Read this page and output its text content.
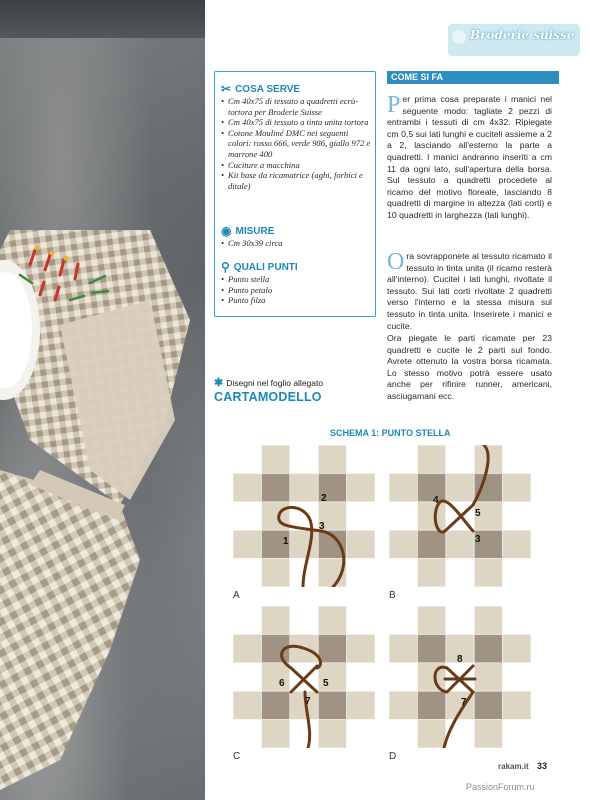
Broderie suisse
✂ COSA SERVE
• Cm 40x75 di tessuto a quadretti ecrù-tortora per Broderie Suisse
• Cm 40x75 di tessuto a tinta unita tortora
• Cotone Mouliné DMC nei seguenti colori: rosso 666, verde 986, giallo 972 e marrone 400
• Cuciture a macchina
• Kit base da ricamatrice (aghi, forbici e ditale)
◉ MISURE
• Cm 30x39 circa
⚲ QUALI PUNTI
• Punto stella
• Punto petalo
• Punto filza
✱ Disegni nel foglio allegato
CARTAMODELLO
COME SI FA
Per prima cosa preparate i manici nel seguente modo: tagliate 2 pezzi di entrambi i tessuti di cm 4x32. Ripiegate cm 0,5 sui lati lunghi e cuciteli assieme a 2 a 2, lasciando all'esterno la parte a quadretti. I manici andranno inseriti a cm 11 da ogni lato, sull'apertura della borsa. Sul tessuto a quadretti procedete al ricamo del motivo floreale, lasciando 8 quadretti di margine in altezza (lati corti) e 10 quadretti in larghezza (lati lunghi).
Ora sovrapponete al tessuto ricamato il tessuto in tinta unita (il ricamo resterà all'interno). Cucitel i lati lunghi, rivoltate il tessuto. Sui lati corti rivoltate 2 quadretti verso l'interno e la stessa misura sul tessuto in tinta unita. Inserirete i manici e cucite.
Ora piegate le parti ricamate per 23 quadretti e cucite le 2 parti sul fondo. Avrete ottenuto la vostra borsa ricamata. Lo stesso motivo potrà essere usato anche per rifinire runner, americani, asciugamani ecc.
SCHEMA 1: PUNTO STELLA
1
2
3
A
4
5
3
B
6	5
7
C
8
7
D
rakam.it 33
PassionForum.ru
